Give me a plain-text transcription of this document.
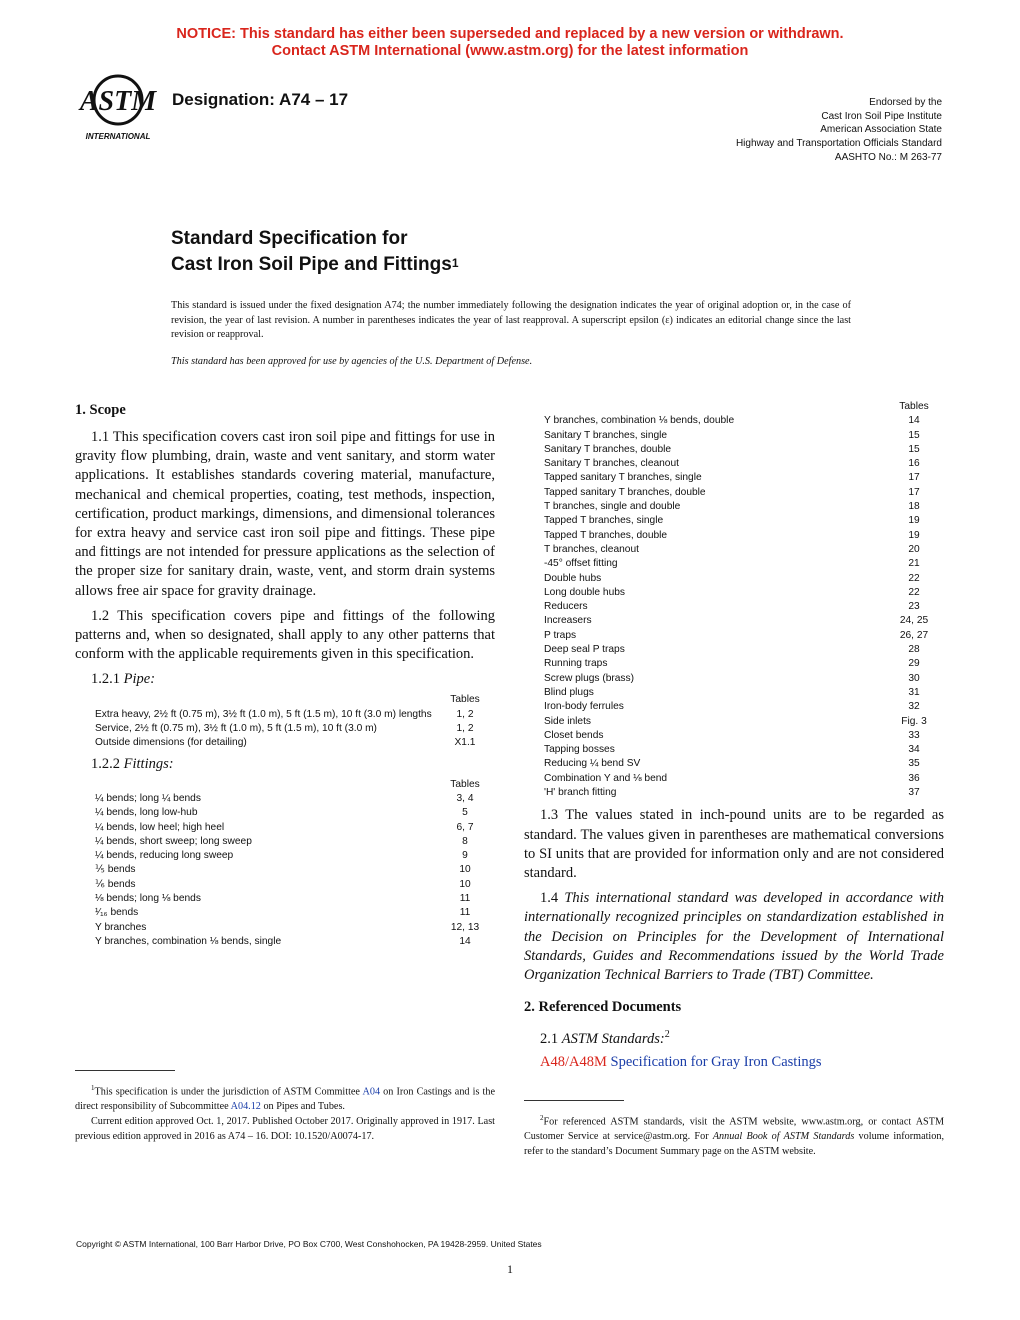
NOTICE: This standard has either been superseded and replaced by a new version or withdrawn.
Contact ASTM International (www.astm.org) for the latest information
ASTM
INTERNATIONAL
Designation: A74 – 17	Endorsed by the
Cast Iron Soil Pipe Institute
American Association State
Highway and Transportation Officials Standard
AASHTO No.: M 263-77
Standard Specification for
Cast Iron Soil Pipe and Fittings$^1$
This standard is issued under the fixed designation A74; the number immediately following the designation indicates the year of original adoption or, in the case of revision, the year of last revision. A number in parentheses indicates the year of last reapproval. A superscript epsilon (ε) indicates an editorial change since the last revision or reapproval.
This standard has been approved for use by agencies of the U.S. Department of Defense.
1. Scope

1.1 This specification covers cast iron soil pipe and fittings for use in gravity flow plumbing, drain, waste and vent sanitary, and storm water applications. It establishes standards covering material, manufacture, mechanical and chemical properties, coating, test methods, inspection, certification, product markings, dimensions, and dimensional tolerances for extra heavy and service cast iron soil pipe and fittings. These pipe and fittings are not intended for pressure applications as the selection of the proper size for sanitary drain, waste, vent, and storm drain systems allows free air space for gravity drainage.

1.2 This specification covers pipe and fittings of the following patterns and, when so designated, shall apply to any other patterns that conform with the applicable requirements given in this specification.

1.2.1 Pipe:
Tables
Extra heavy, 2½ ft (0.75 m), 3½ ft (1.0 m), 5 ft (1.5 m), 10 ft (3.0 m) lengths	1, 2
Service, 2½ ft (0.75 m), 3½ ft (1.0 m), 5 ft (1.5 m), 10 ft (3.0 m)	1, 2
Outside dimensions (for detailing)	X1.1
1.2.2 Fittings:
Tables
¼ bends; long ¼ bends	3, 4
¼ bends, long low-hub	5
¼ bends, low heel; high heel	6, 7
¼ bends, short sweep; long sweep	8
¼ bends, reducing long sweep	9
⅕ bends	10
⅙ bends	10
⅛ bends; long ⅛ bends	11
¹⁄₁₆ bends	11
Y branches	12, 13
Y branches, combination ⅛ bends, single	14
Tables
Y branches, combination ⅛ bends, double	14
Sanitary T branches, single	15
Sanitary T branches, double	15
Sanitary T branches, cleanout	16
Tapped sanitary T branches, single	17
Tapped sanitary T branches, double	17
T branches, single and double	18
Tapped T branches, single	19
Tapped T branches, double	19
T branches, cleanout	20
-45° offset fitting	21
Double hubs	22
Long double hubs	22
Reducers	23
Increasers	24, 25
P traps	26, 27
Deep seal P traps	28
Running traps	29
Screw plugs (brass)	30
Blind plugs	31
Iron-body ferrules	32
Side inlets	Fig. 3
Closet bends	33
Tapping bosses	34
Reducing ¼ bend SV	35
Combination Y and ⅛ bend	36
'H' branch fitting	37

1.3 The values stated in inch-pound units are to be regarded as standard. The values given in parentheses are mathematical conversions to SI units that are provided for information only and are not considered standard.

1.4 This international standard was developed in accordance with internationally recognized principles on standardization established in the Decision on Principles for the Development of International Standards, Guides and Recommendations issued by the World Trade Organization Technical Barriers to Trade (TBT) Committee.

2. Referenced Documents
2.1 ASTM Standards:$^2$
A48/A48M Specification for Gray Iron Castings
$^1$This specification is under the jurisdiction of ASTM Committee A04 on Iron Castings and is the direct responsibility of Subcommittee A04.12 on Pipes and Tubes.
Current edition approved Oct. 1, 2017. Published October 2017. Originally approved in 1917. Last previous edition approved in 2016 as A74 – 16. DOI: 10.1520/A0074-17.
$^2$For referenced ASTM standards, visit the ASTM website, www.astm.org, or contact ASTM Customer Service at service@astm.org. For Annual Book of ASTM Standards volume information, refer to the standard’s Document Summary page on the ASTM website.
Copyright © ASTM International, 100 Barr Harbor Drive, PO Box C700, West Conshohocken, PA 19428-2959. United States
1
